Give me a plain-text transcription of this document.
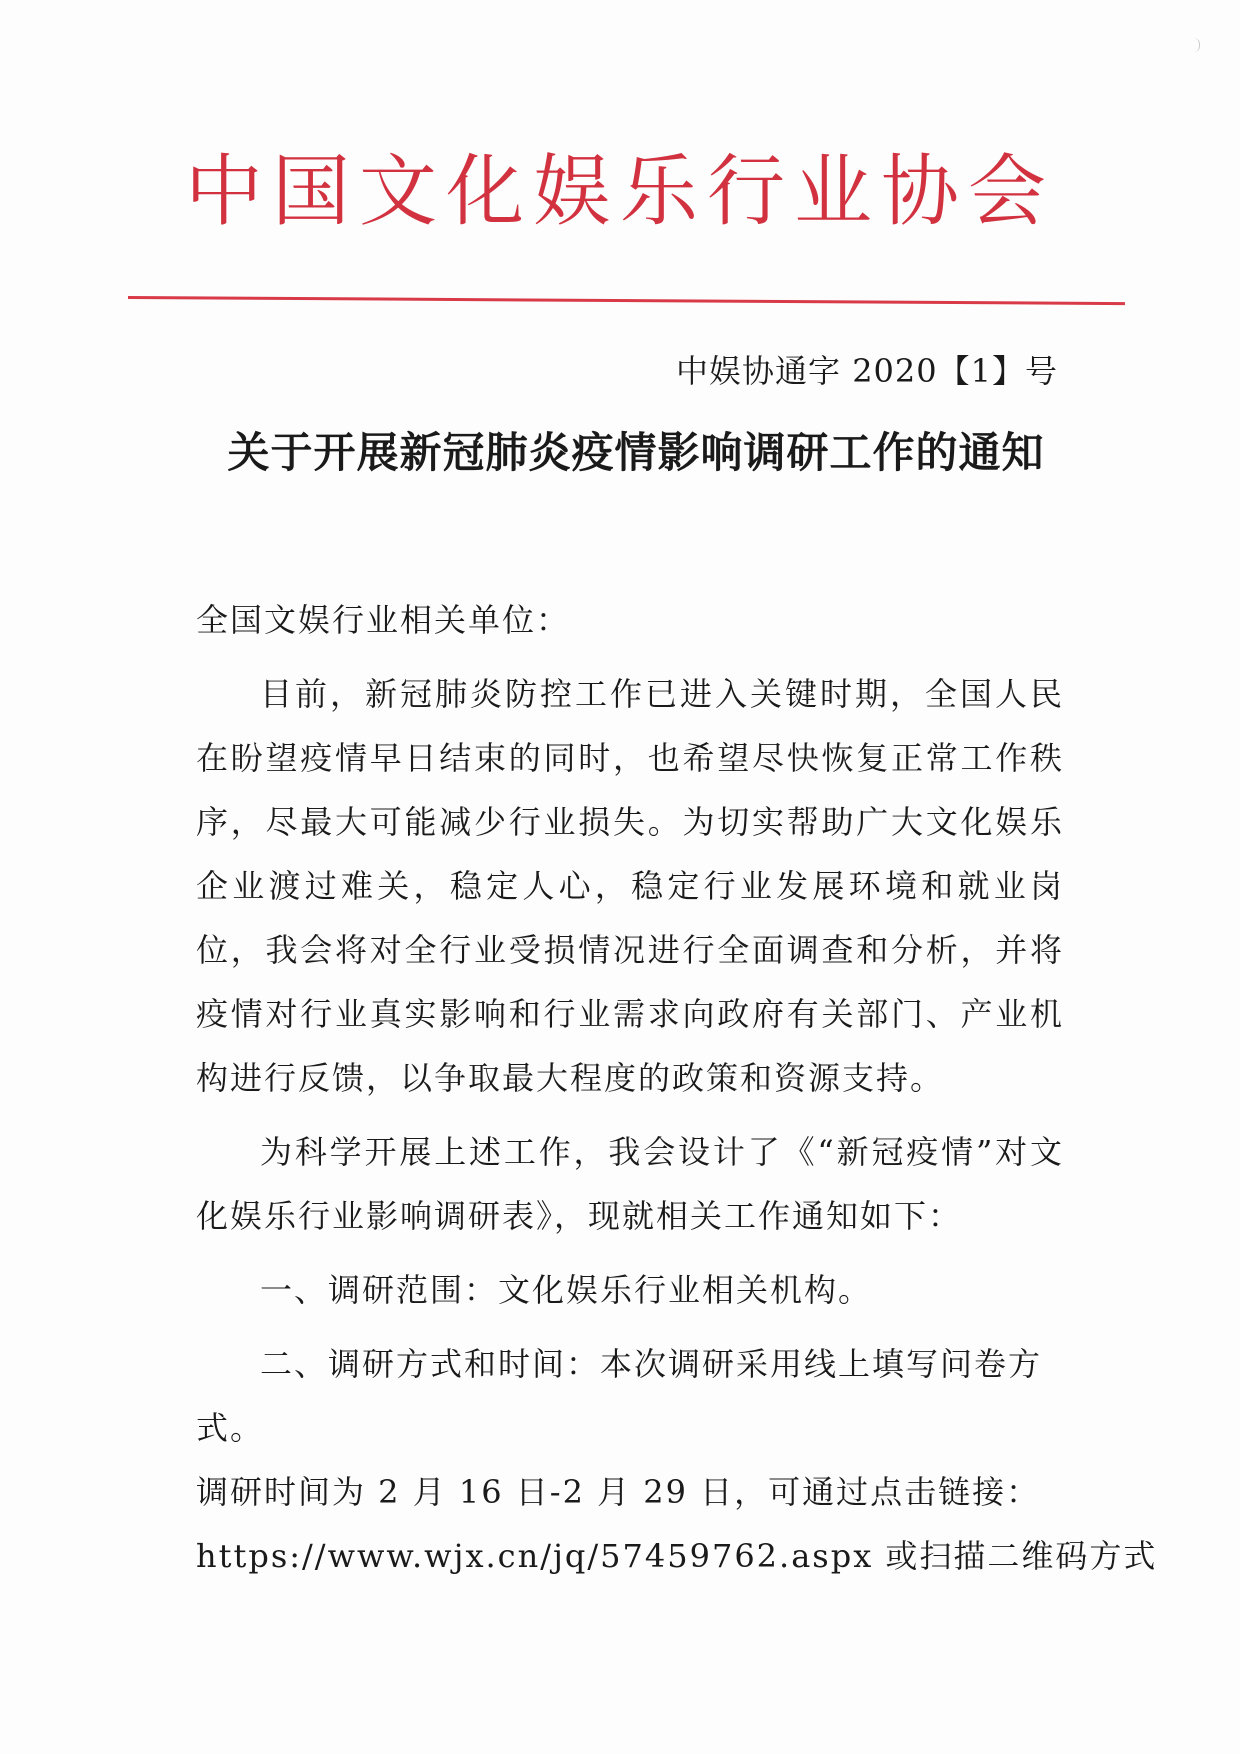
中国文化娱乐行业协会
中娱协通字 2020【1】号
关于开展新冠肺炎疫情影响调研工作的通知

全国文娱行业相关单位：

目前，新冠肺炎防控工作已进入关键时期，全国人民在盼望疫情早日结束的同时，也希望尽快恢复正常工作秩序，尽最大可能减少行业损失。为切实帮助广大文化娱乐企业渡过难关，稳定人心，稳定行业发展环境和就业岗位，我会将对全行业受损情况进行全面调查和分析，并将疫情对行业真实影响和行业需求向政府有关部门、产业机构进行反馈，以争取最大程度的政策和资源支持。

为科学开展上述工作，我会设计了《“新冠疫情”对文化娱乐行业影响调研表》，现就相关工作通知如下：

一、调研范围：文化娱乐行业相关机构。

二、调研方式和时间：本次调研采用线上填写问卷方式。

调研时间为 2 月 16 日-2 月 29 日，可通过点击链接：

https://www.wjx.cn/jq/57459762.aspx 或扫描二维码方式
